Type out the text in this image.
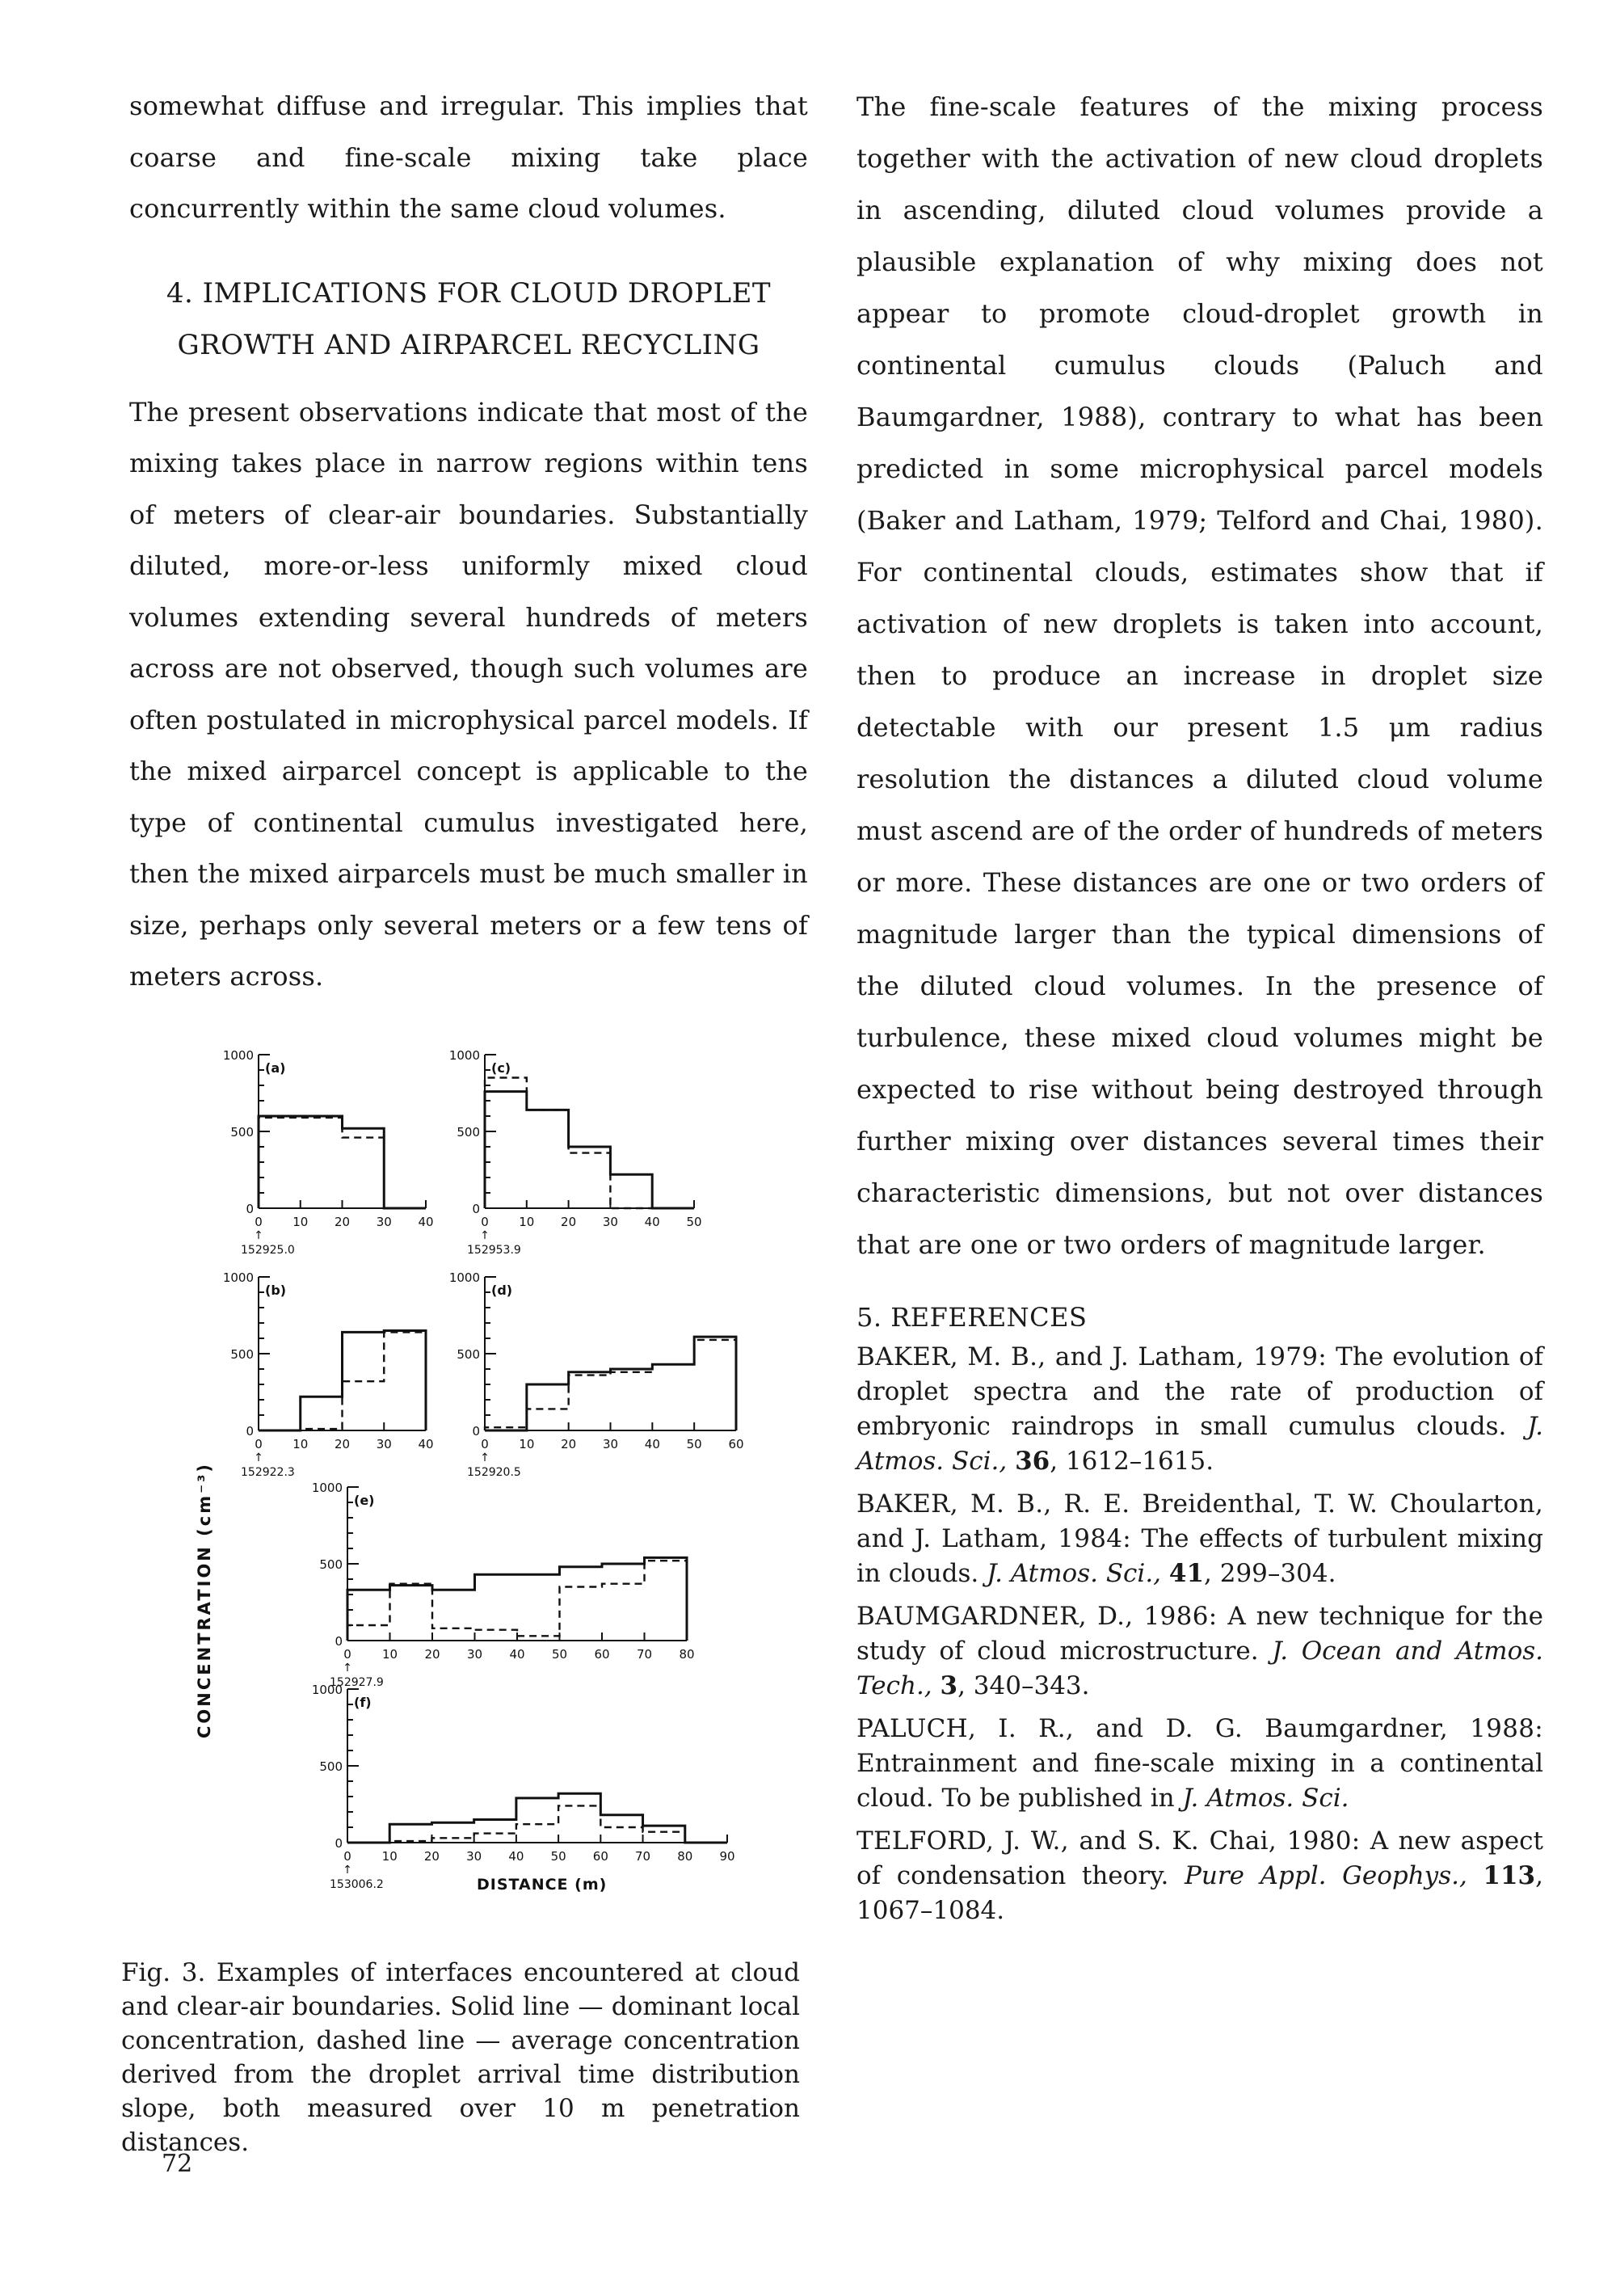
somewhat diffuse and irregular. This implies that coarse and fine-scale mixing take place concurrently within the same cloud volumes.

4. IMPLICATIONS FOR CLOUD DROPLET
GROWTH AND AIRPARCEL RECYCLING

The present observations indicate that most of the mixing takes place in narrow regions within tens of meters of clear-air boundaries. Substantially diluted, more-or-less uniformly mixed cloud volumes extending several hundreds of meters across are not observed, though such volumes are often postulated in microphysical parcel models. If the mixed airparcel concept is applicable to the type of continental cumulus investigated here, then the mixed airparcels must be much smaller in size, perhaps only several meters or a few tens of meters across.

The fine-scale features of the mixing process together with the activation of new cloud droplets in ascending, diluted cloud volumes provide a plausible explanation of why mixing does not appear to promote cloud-droplet growth in continental cumulus clouds (Paluch and Baumgardner, 1988), contrary to what has been predicted in some microphysical parcel models (Baker and Latham, 1979; Telford and Chai, 1980). For continental clouds, estimates show that if activation of new droplets is taken into account, then to produce an increase in droplet size detectable with our present 1.5 μm radius resolution the distances a diluted cloud volume must ascend are of the order of hundreds of meters or more. These distances are one or two orders of magnitude larger than the typical dimensions of the diluted cloud volumes. In the presence of turbulence, these mixed cloud volumes might be expected to rise without being destroyed through further mixing over distances several times their characteristic dimensions, but not over distances that are one or two orders of magnitude larger.

5. REFERENCES

BAKER, M. B., and J. Latham, 1979: The evolution of droplet spectra and the rate of production of embryonic raindrops in small cumulus clouds. J. Atmos. Sci., 36, 1612–1615.

BAKER, M. B., R. E. Breidenthal, T. W. Choularton, and J. Latham, 1984: The effects of turbulent mixing in clouds. J. Atmos. Sci., 41, 299–304.

BAUMGARDNER, D., 1986: A new technique for the study of cloud microstructure. J. Ocean and Atmos. Tech., 3, 340–343.

PALUCH, I. R., and D. G. Baumgardner, 1988: Entrainment and fine-scale mixing in a continental cloud. To be published in J. Atmos. Sci.

TELFORD, J. W., and S. K. Chai, 1980: A new aspect of condensation theory. Pure Appl. Geophys., 113, 1067–1084.

CONCENTRATION (cm⁻³)
DISTANCE (m)
0
500
1000
0 10 20 30 40
(a)
↑
152925.0
0
500
1000
0 10 20 30 40
(b)
↑
152922.3
0
500
1000
0 10 20 30 40 50
(c)
↑
152953.9
0
500
1000
0	10 20 30 40 50 60
(d)
↑
152920.5
0
500
1000
0	10 20 30 40 50 60 70 80
(e)
↑
152927.9
0
500
1000
0	10 20 30 40 50 60 70 80 90
(f)
↑
153006.2

Fig. 3. Examples of interfaces encountered at cloud and clear-air boundaries. Solid line — dominant local concentration, dashed line — average concentration derived from the droplet arrival time distribution slope, both measured over 10 m penetration distances.

72
